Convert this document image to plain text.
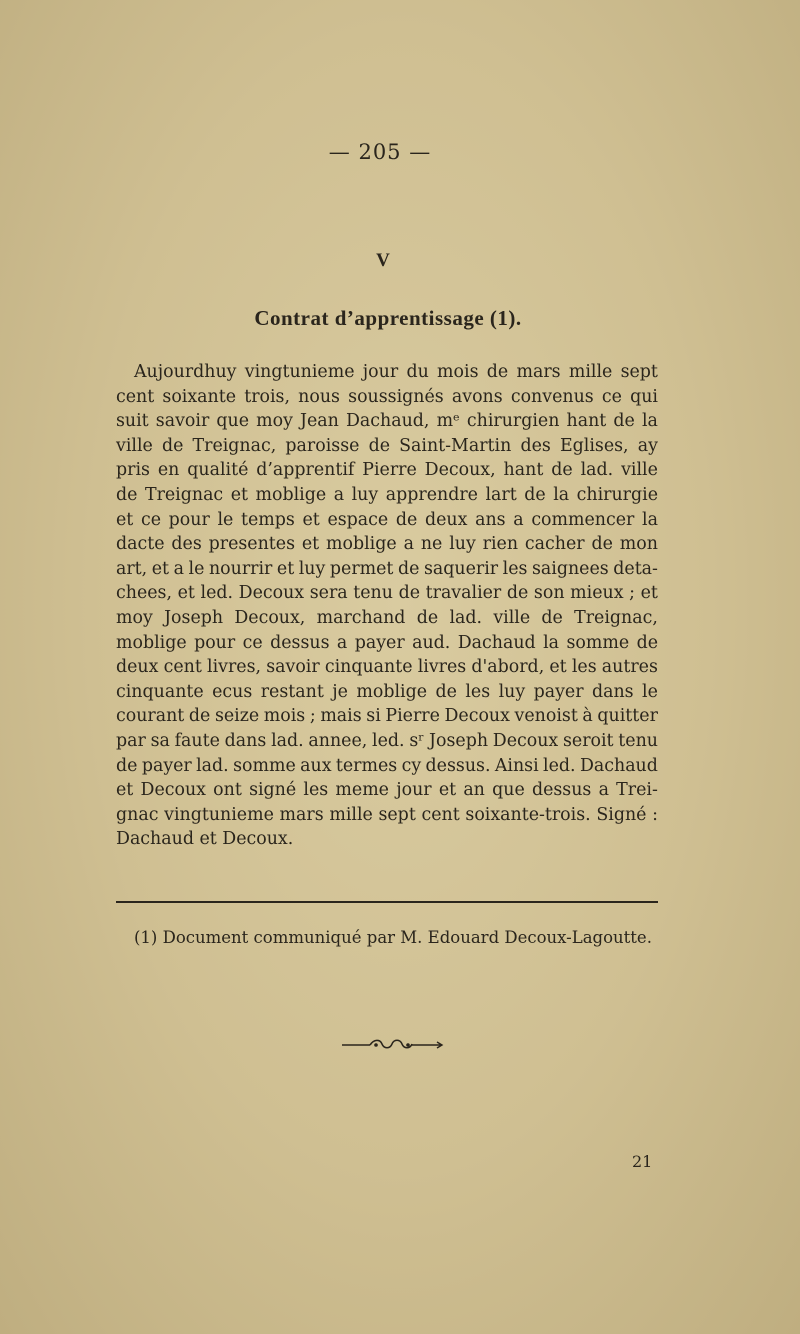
— 205 —
V
Contrat d’apprentissage (1).
Aujourdhuy vingtunieme jour du mois de mars mille sept
cent soixante trois, nous soussignés avons convenus ce qui
suit savoir que moy Jean Dachaud, mᵉ chirurgien hant de la
ville de Treignac, paroisse de Saint-Martin des Eglises, ay
pris en qualité d’apprentif Pierre Decoux, hant de lad. ville
de Treignac et moblige a luy apprendre lart de la chirurgie
et ce pour le temps et espace de deux ans a commencer la
dacte des presentes et moblige a ne luy rien cacher de mon
art, et a le nourrir et luy permet de saquerir les saignees deta-
chees, et led. Decoux sera tenu de travalier de son mieux ; et
moy Joseph Decoux, marchand de lad. ville de Treignac,
moblige pour ce dessus a payer aud. Dachaud la somme de
deux cent livres, savoir cinquante livres d'abord, et les autres
cinquante ecus restant je moblige de les luy payer dans le
courant de seize mois ; mais si Pierre Decoux venoist à quitter
par sa faute dans lad. annee, led. sʳ Joseph Decoux seroit tenu
de payer lad. somme aux termes cy dessus. Ainsi led. Dachaud
et Decoux ont signé les meme jour et an que dessus a Trei-
gnac vingtunieme mars mille sept cent soixante-trois. Signé :
Dachaud et Decoux.
(1) Document communiqué par M. Edouard Decoux-Lagoutte.
21
